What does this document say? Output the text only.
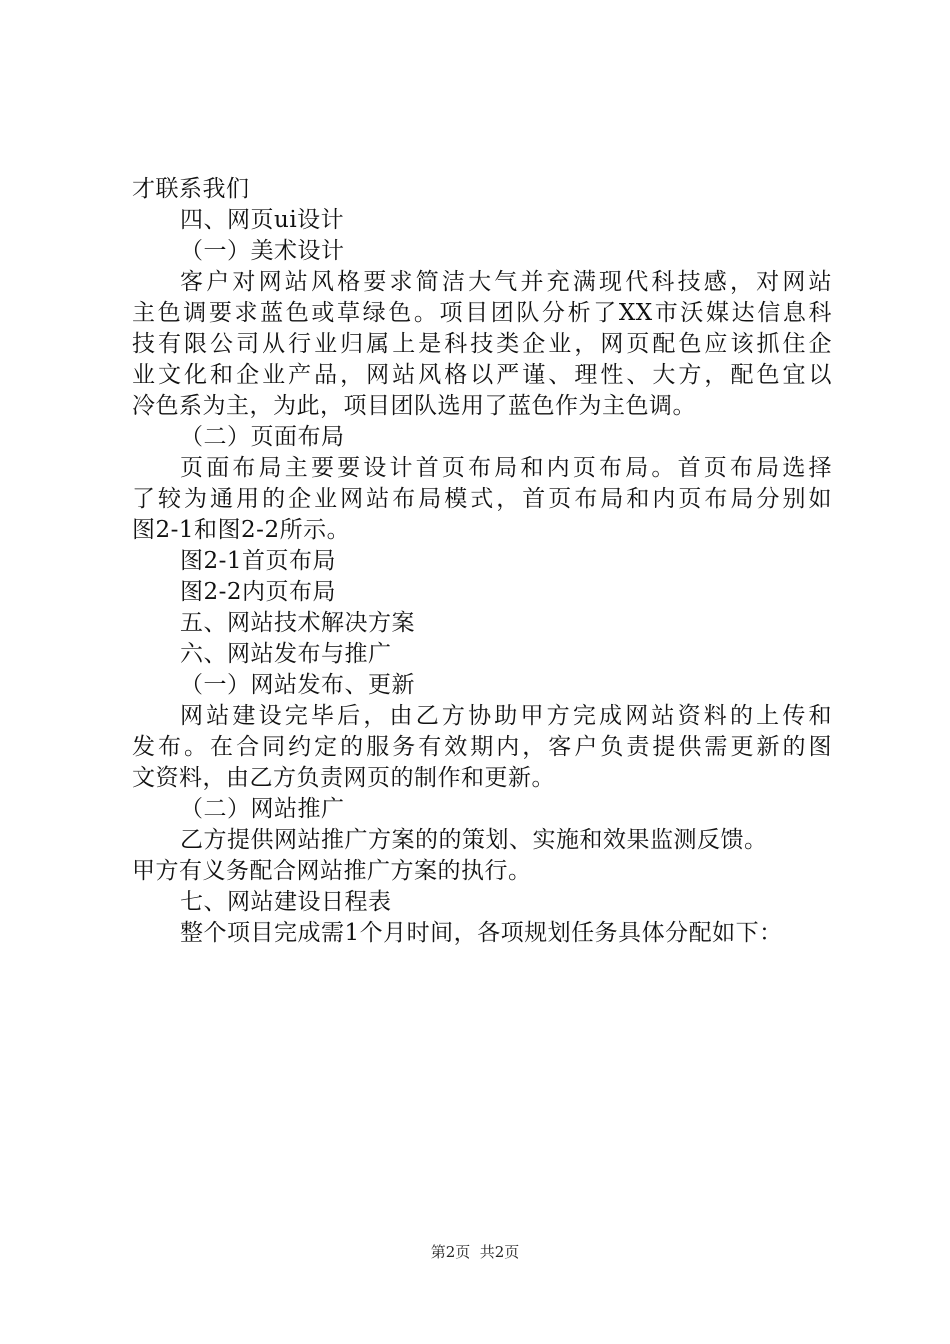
才联系我们
四、网页ui设计
（一）美术设计
客户对网站风格要求简洁大气并充满现代科技感，对网站
主色调要求蓝色或草绿色。项目团队分析了XX市沃媒达信息科
技有限公司从行业归属上是科技类企业，网页配色应该抓住企
业文化和企业产品，网站风格以严谨、理性、大方，配色宜以
冷色系为主，为此，项目团队选用了蓝色作为主色调。
（二）页面布局
页面布局主要要设计首页布局和内页布局。首页布局选择
了较为通用的企业网站布局模式，首页布局和内页布局分别如
图2-1和图2-2所示。
图2-1首页布局
图2-2内页布局
五、网站技术解决方案
六、网站发布与推广
（一）网站发布、更新
网站建设完毕后，由乙方协助甲方完成网站资料的上传和
发布。在合同约定的服务有效期内，客户负责提供需更新的图
文资料，由乙方负责网页的制作和更新。
（二）网站推广
乙方提供网站推广方案的的策划、实施和效果监测反馈。
甲方有义务配合网站推广方案的执行。
七、网站建设日程表
整个项目完成需1个月时间，各项规划任务具体分配如下：
第2页  共2页
